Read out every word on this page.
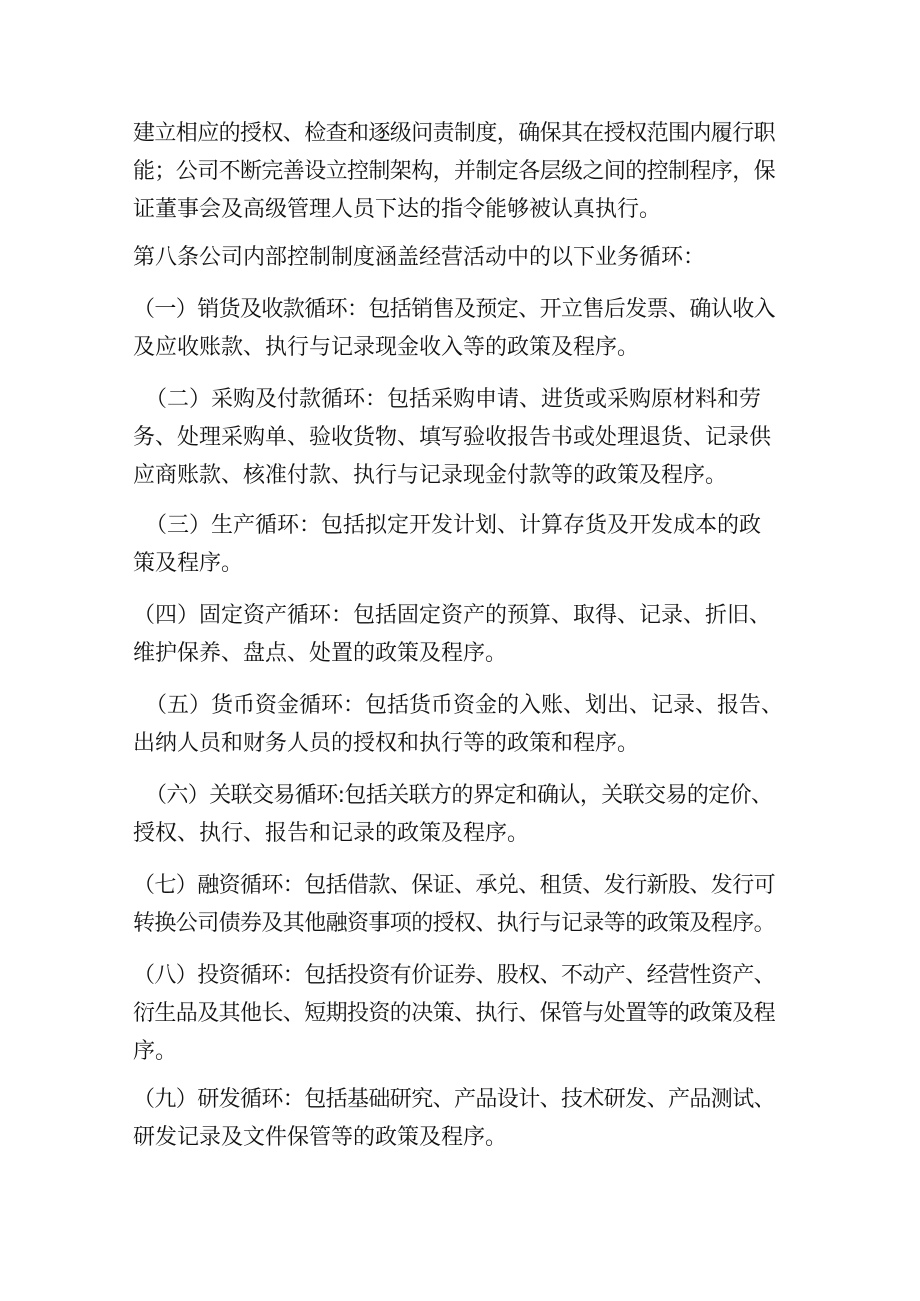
建立相应的授权、检查和逐级问责制度，确保其在授权范围内履行职
能；公司不断完善设立控制架构，并制定各层级之间的控制程序，保
证董事会及高级管理人员下达的指令能够被认真执行。
第八条公司内部控制制度涵盖经营活动中的以下业务循环：
（一）销货及收款循环：包括销售及预定、开立售后发票、确认收入
及应收账款、执行与记录现金收入等的政策及程序。
（二）采购及付款循环：包括采购申请、进货或采购原材料和劳
务、处理采购单、验收货物、填写验收报告书或处理退货、记录供
应商账款、核准付款、执行与记录现金付款等的政策及程序。
（三）生产循环：包括拟定开发计划、计算存货及开发成本的政
策及程序。
（四）固定资产循环：包括固定资产的预算、取得、记录、折旧、
维护保养、盘点、处置的政策及程序。
（五）货币资金循环：包括货币资金的入账、划出、记录、报告、
出纳人员和财务人员的授权和执行等的政策和程序。
（六）关联交易循环:包括关联方的界定和确认，关联交易的定价、
授权、执行、报告和记录的政策及程序。
（七）融资循环：包括借款、保证、承兑、租赁、发行新股、发行可
转换公司债券及其他融资事项的授权、执行与记录等的政策及程序。
（八）投资循环：包括投资有价证券、股权、不动产、经营性资产、
衍生品及其他长、短期投资的决策、执行、保管与处置等的政策及程
序。
（九）研发循环：包括基础研究、产品设计、技术研发、产品测试、
研发记录及文件保管等的政策及程序。
